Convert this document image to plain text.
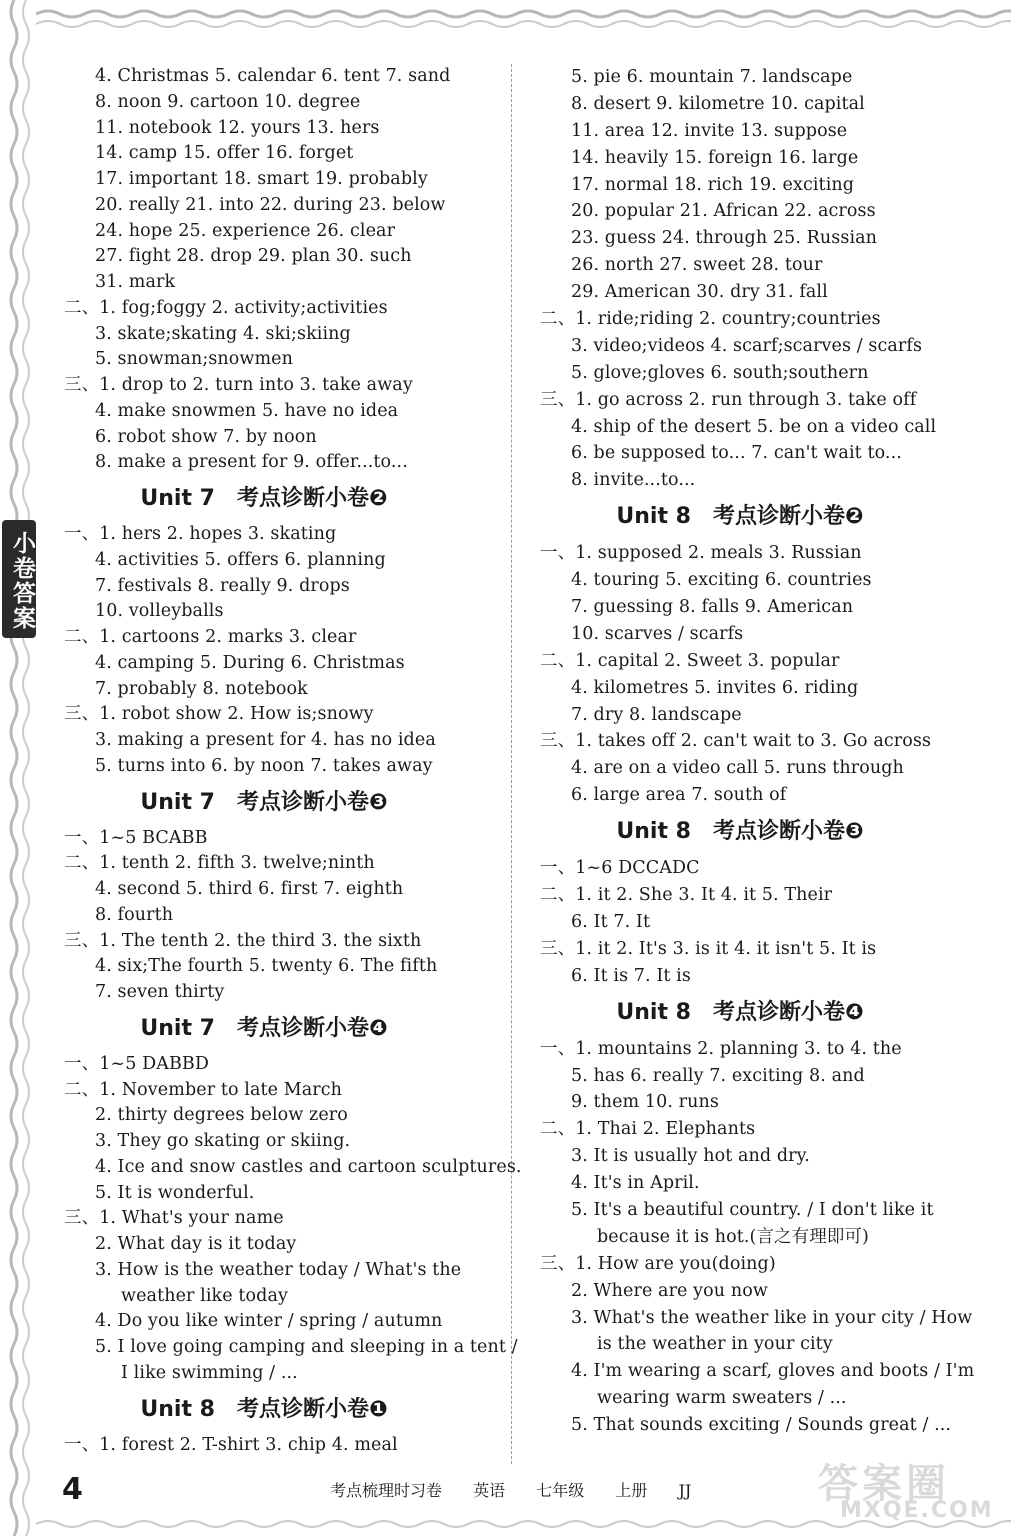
小卷答案
4. Christmas 5. calendar 6. tent 7. sand
8. noon 9. cartoon 10. degree
11. notebook 12. yours 13. hers
14. camp 15. offer 16. forget
17. important 18. smart 19. probably
20. really 21. into 22. during 23. below
24. hope 25. experience 26. clear
27. fight 28. drop 29. plan 30. such
31. mark
二、1. fog;foggy 2. activity;activities
3. skate;skating 4. ski;skiing
5. snowman;snowmen
三、1. drop to 2. turn into 3. take away
4. make snowmen 5. have no idea
6. robot show 7. by noon
8. make a present for 9. offer...to...
Unit 7 考点诊断小卷❷
一、1. hers 2. hopes 3. skating
4. activities 5. offers 6. planning
7. festivals 8. really 9. drops
10. volleyballs
二、1. cartoons 2. marks 3. clear
4. camping 5. During 6. Christmas
7. probably 8. notebook
三、1. robot show 2. How is;snowy
3. making a present for 4. has no idea
5. turns into 6. by noon 7. takes away
Unit 7 考点诊断小卷❸
一、1~5 BCABB
二、1. tenth 2. fifth 3. twelve;ninth
4. second 5. third 6. first 7. eighth
8. fourth
三、1. The tenth 2. the third 3. the sixth
4. six;The fourth 5. twenty 6. The fifth
7. seven thirty
Unit 7 考点诊断小卷❹
一、1~5 DABBD
二、1. November to late March
2. thirty degrees below zero
3. They go skating or skiing.
4. Ice and snow castles and cartoon sculptures.
5. It is wonderful.
三、1. What's your name
2. What day is it today
3. How is the weather today / What's the
weather like today
4. Do you like winter / spring / autumn
5. I love going camping and sleeping in a tent /
I like swimming / ...
Unit 8 考点诊断小卷❶
一、1. forest 2. T-shirt 3. chip 4. meal
5. pie 6. mountain 7. landscape
8. desert 9. kilometre 10. capital
11. area 12. invite 13. suppose
14. heavily 15. foreign 16. large
17. normal 18. rich 19. exciting
20. popular 21. African 22. across
23. guess 24. through 25. Russian
26. north 27. sweet 28. tour
29. American 30. dry 31. fall
二、1. ride;riding 2. country;countries
3. video;videos 4. scarf;scarves / scarfs
5. glove;gloves 6. south;southern
三、1. go across 2. run through 3. take off
4. ship of the desert 5. be on a video call
6. be supposed to... 7. can't wait to...
8. invite...to...
Unit 8 考点诊断小卷❷
一、1. supposed 2. meals 3. Russian
4. touring 5. exciting 6. countries
7. guessing 8. falls 9. American
10. scarves / scarfs
二、1. capital 2. Sweet 3. popular
4. kilometres 5. invites 6. riding
7. dry 8. landscape
三、1. takes off 2. can't wait to 3. Go across
4. are on a video call 5. runs through
6. large area 7. south of
Unit 8 考点诊断小卷❸
一、1~6 DCCADC
二、1. it 2. She 3. It 4. it 5. Their
6. It 7. It
三、1. it 2. It's 3. is it 4. it isn't 5. It is
6. It is 7. It is
Unit 8 考点诊断小卷❹
一、1. mountains 2. planning 3. to 4. the
5. has 6. really 7. exciting 8. and
9. them 10. runs
二、1. Thai 2. Elephants
3. It is usually hot and dry.
4. It's in April.
5. It's a beautiful country. / I don't like it
because it is hot.(言之有理即可)
三、1. How are you(doing)
2. Where are you now
3. What's the weather like in your city / How
is the weather in your city
4. I'm wearing a scarf, gloves and boots / I'm
wearing warm sweaters / ...
5. That sounds exciting / Sounds great / ...
4	考点梳理时习卷 英语 七年级 上册 JJ	答案圈
MXQE.COM
